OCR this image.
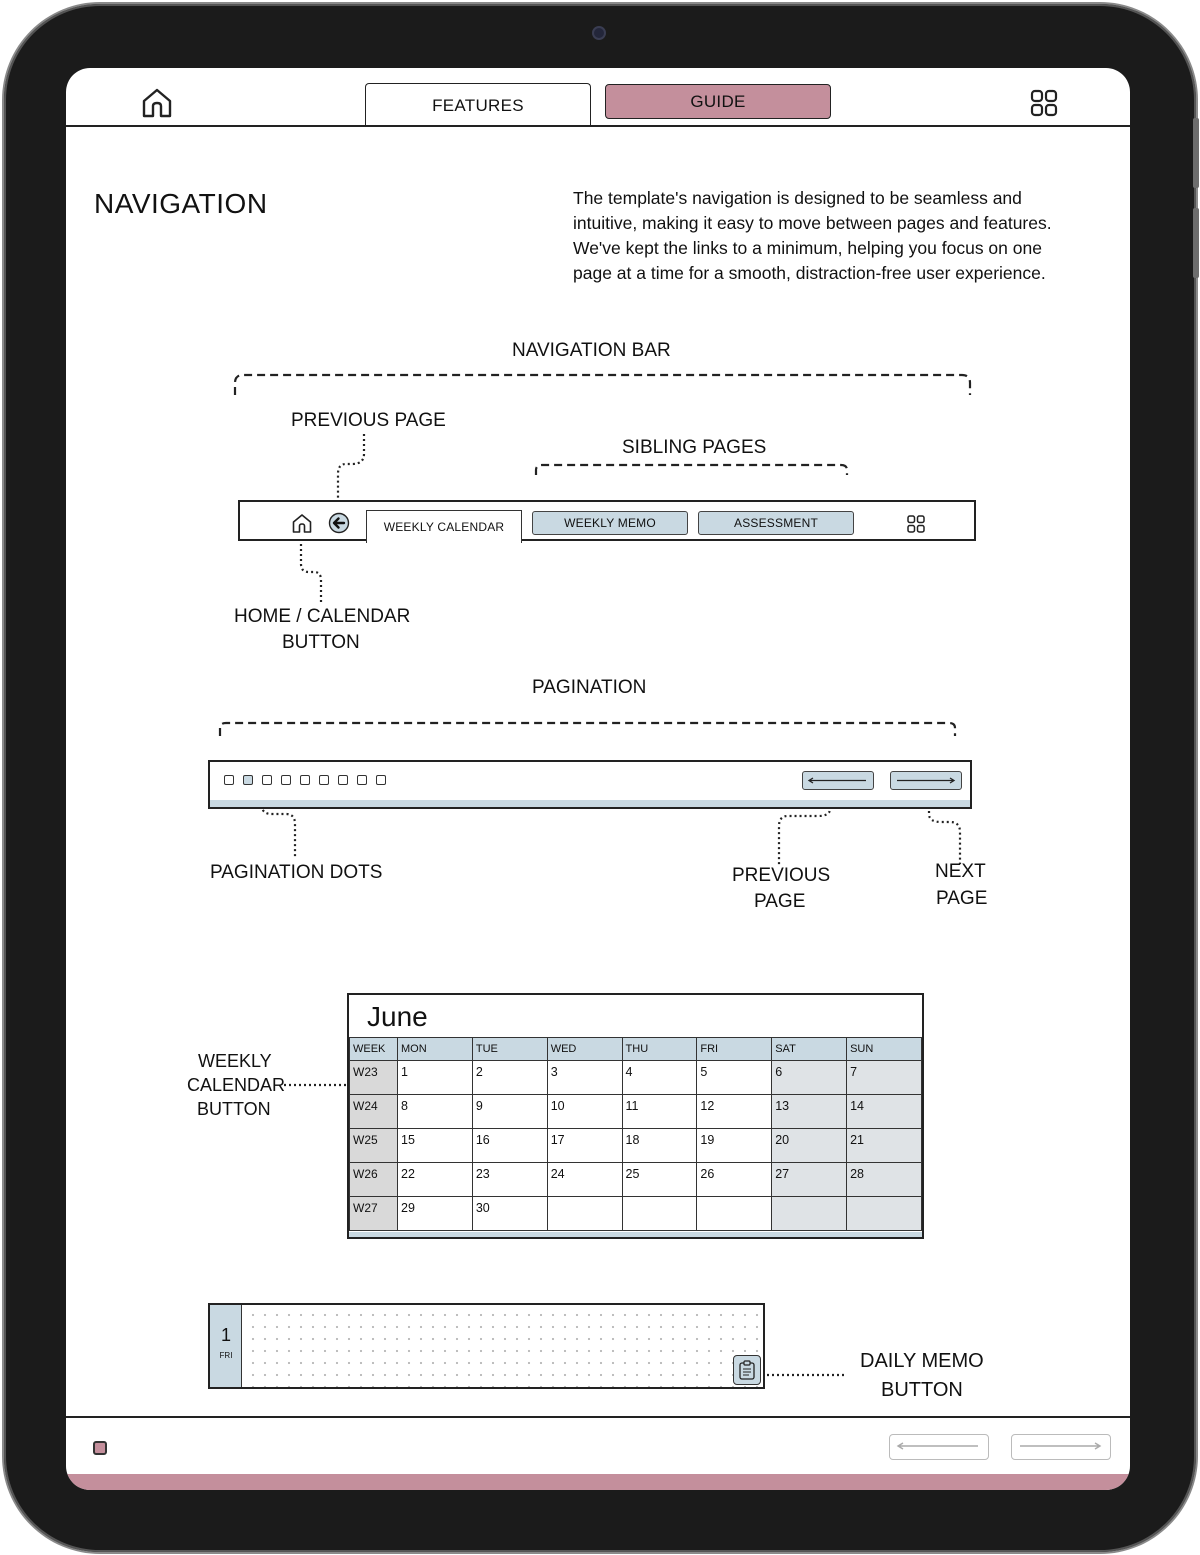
FEATURES	GUIDE
NAVIGATION	The template's navigation is designed to be seamless and intuitive, making it easy to move between pages and features. We've kept the links to a minimum, helping you focus on one page at a time for a smooth, distraction-free user experience.
NAVIGATION BAR
PREVIOUS PAGE
SIBLING PAGES
WEEKLY CALENDAR	WEEKLY MEMO	ASSESSMENT
HOME / CALENDAR
BUTTON
PAGINATION
PAGINATION DOTS	PREVIOUS
PAGE
NEXT
PAGE
WEEKLY
CALENDAR
BUTTON
June
WEEK	MON	TUE	WED	THU	FRI	SAT	SUN
W23	1	2	3	4	5	6	7
W24	8	9	10	11	12	13	14
W25	15	16	17	18	19	20	21
W26	22	23	24	25	26	27	28
W27	29	30					
1
FRI	DAILY MEMO
BUTTON
